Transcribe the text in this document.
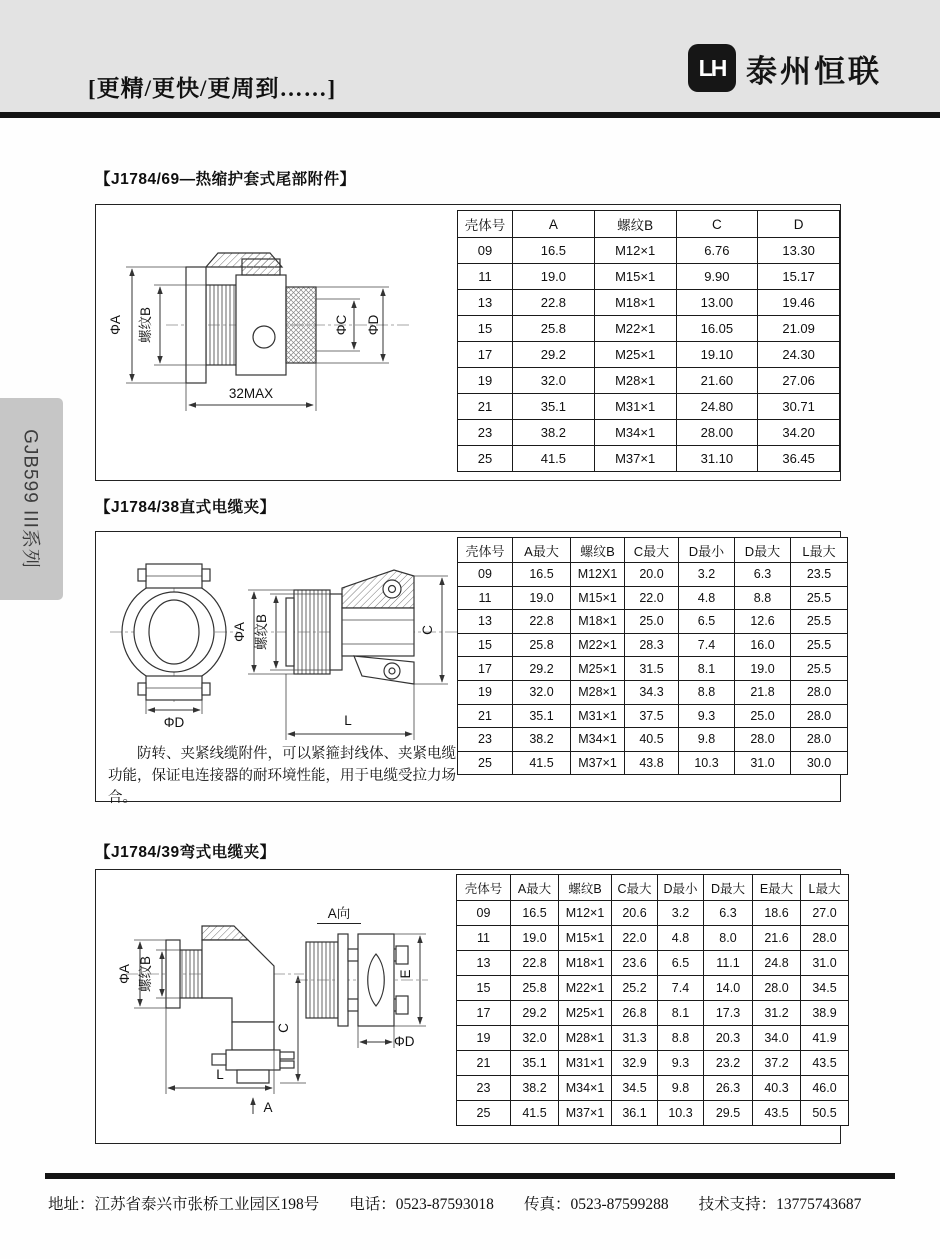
[更精/更快/更周到……]
LH 泰州恒联
GJB599 III系列
【J1784/69—热缩护套式尾部附件】
ΦA 螺纹B	ΦC ΦD
32MAX
壳体号	A	螺纹B	C	D
09	16.5	M12×1	6.76	13.30
11	19.0	M15×1	9.90	15.17
13	22.8	M18×1	13.00	19.46
15	25.8	M22×1	16.05	21.09
17	29.2	M25×1	19.10	24.30
19	32.0	M28×1	21.60	27.06
21	35.1	M31×1	24.80	30.71
23	38.2	M34×1	28.00	34.20
25	41.5	M37×1	31.10	36.45
【J1784/38直式电缆夹】
ΦD
ΦA 螺纹B	C
L

防转、夹紧线缆附件，可以紧箍封线体、夹紧电缆功能，保证电连接器的耐环境性能，用于电缆受拉力场合。

壳体号	A最大	螺纹B	C最大	D最小	D最大	L最大
09	16.5	M12X1	20.0	3.2	6.3	23.5
11	19.0	M15×1	22.0	4.8	8.8	25.5
13	22.8	M18×1	25.0	6.5	12.6	25.5
15	25.8	M22×1	28.3	7.4	16.0	25.5
17	29.2	M25×1	31.5	8.1	19.0	25.5
19	32.0	M28×1	34.3	8.8	21.8	28.0
21	35.1	M31×1	37.5	9.3	25.0	28.0
23	38.2	M34×1	40.5	9.8	28.0	28.0
25	41.5	M37×1	43.8	10.3	31.0	30.0
【J1784/39弯式电缆夹】
ΦA 螺纹B
C
L
A
A向
E
ΦD
壳体号	A最大	螺纹B	C最大	D最小	D最大	E最大	L最大
09	16.5	M12×1	20.6	3.2	6.3	18.6	27.0
11	19.0	M15×1	22.0	4.8	8.0	21.6	28.0
13	22.8	M18×1	23.6	6.5	11.1	24.8	31.0
15	25.8	M22×1	25.2	7.4	14.0	28.0	34.5
17	29.2	M25×1	26.8	8.1	17.3	31.2	38.9
19	32.0	M28×1	31.3	8.8	20.3	34.0	41.9
21	35.1	M31×1	32.9	9.3	23.2	37.2	43.5
23	38.2	M34×1	34.5	9.8	26.3	40.3	46.0
25	41.5	M37×1	36.1	10.3	29.5	43.5	50.5
地址：江苏省泰兴市张桥工业园区198号 电话：0523-87593018 传真：0523-87599288 技术支持：13775743687
